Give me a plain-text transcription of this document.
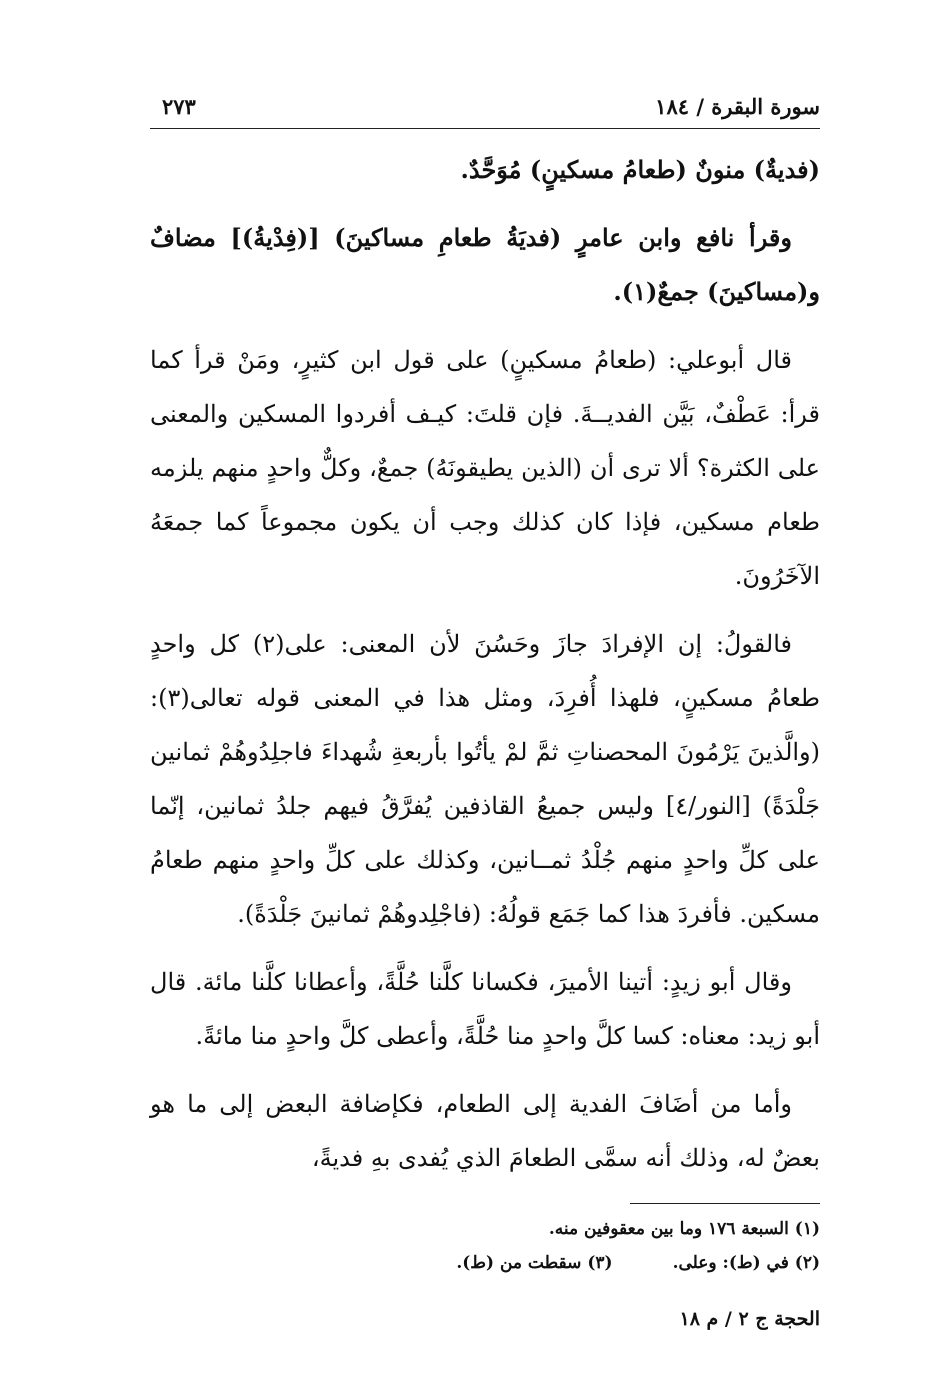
سورة البقرة / ١٨٤
٢٧٣

(فديةٌ) منونٌ (طعامُ مسكينٍ) مُوَحَّدٌ.

وقرأ نافع وابن عامرٍ (فديَةُ طعامِ مساكينَ) [(فِدْيةُ)] مضافٌ و(مساكينَ) جمعٌ(١).

قال أبوعلي: (طعامُ مسكينٍ) على قول ابن كثيرٍ، ومَنْ قرأ كما قرأ: عَطْفٌ، بَيَّن الفديــةَ. فإن قلتَ: كيـف أفردوا المسكين والمعنى على الكثرة؟ ألا ترى أن (الذين يطيقونَهُ) جمعٌ، وكلٌّ واحدٍ منهم يلزمه طعام مسكين، فإذا كان كذلك وجب أن يكون مجموعاً كما جمعَهُ الآخَرُونَ.

فالقولُ: إن الإفرادَ جازَ وحَسُنَ لأن المعنى: على(٢) كل واحدٍ طعامُ مسكينٍ، فلهذا أُفرِدَ، ومثل هذا في المعنى قوله تعالى(٣): (والَّذينَ يَرْمُونَ المحصناتِ ثمَّ لمْ يأتُوا بأربعةِ شُهداءَ فاجلِدُوهُمْ ثمانين جَلْدَةً) [النور/٤] وليس جميعُ القاذفين يُفرَّقُ فيهم جلدُ ثمانين، إنّما على كلِّ واحدٍ منهم جُلْدُ ثمــانين، وكذلك على كلِّ واحدٍ منهم طعامُ مسكين. فأفردَ هذا كما جَمَع قولُهُ: (فاجْلِدوهُمْ ثمانينَ جَلْدَةً).

وقال أبو زيدٍ: أتينا الأميرَ، فكسانا كلَّنا حُلَّةً، وأعطانا كلَّنا مائة. قال أبو زيد: معناه: كسا كلَّ واحدٍ منا حُلَّةً، وأعطى كلَّ واحدٍ منا مائةً.

وأما من أضَافَ الفدية إلى الطعام، فكإضافة البعض إلى ما هو بعضٌ له، وذلك أنه سمَّى الطعامَ الذي يُفدى بهِ فديةً،

(١) السبعة ١٧٦ وما بين معقوفين منه.
(٢) في (ط): وعلى.
(٣) سقطت من (ط).
الحجة ج ٢ / م ١٨
